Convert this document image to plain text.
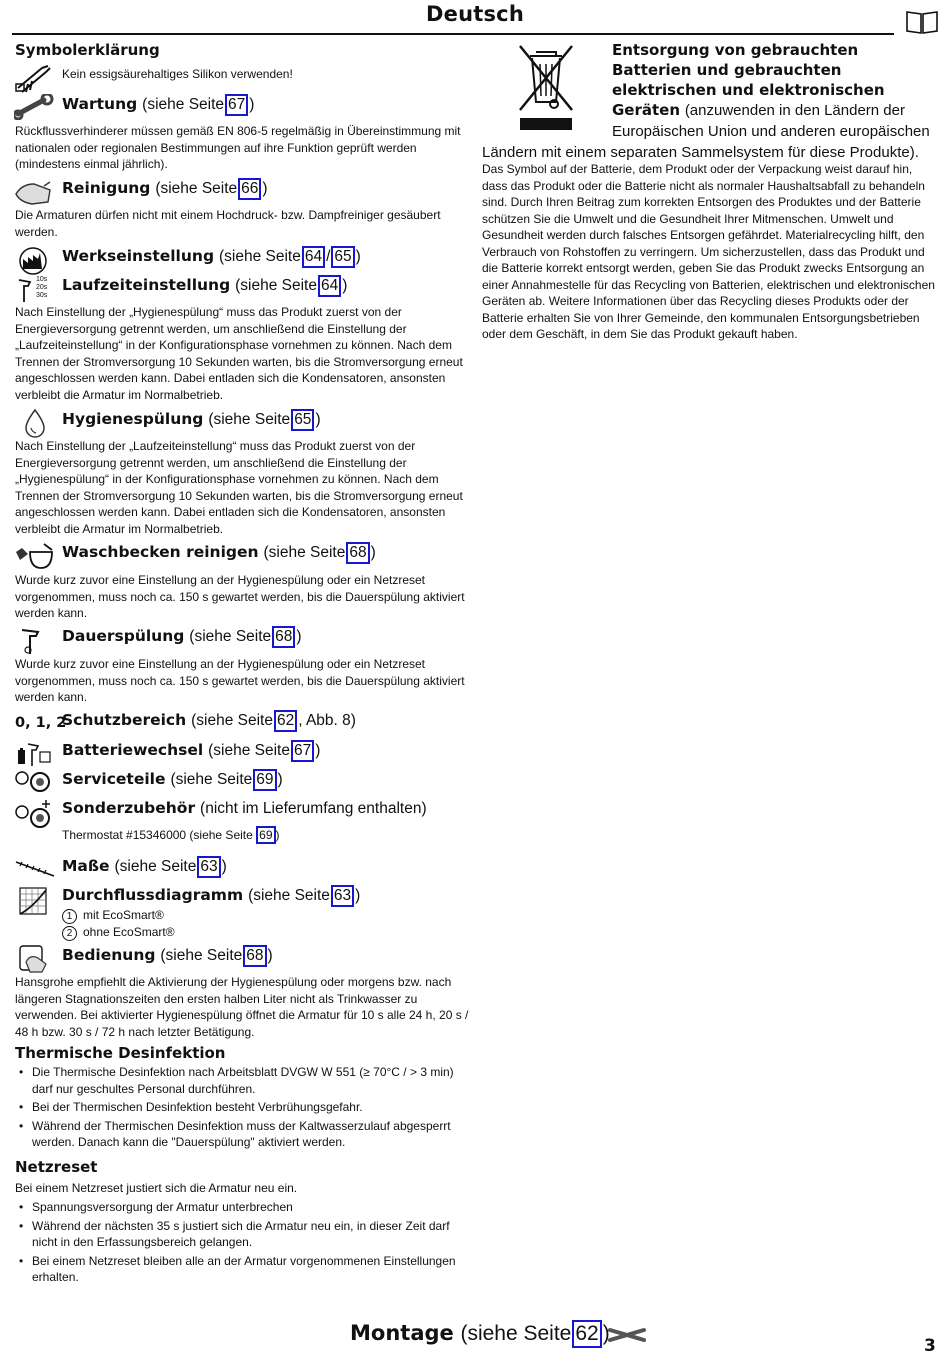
Deutsch
Symbolerklärung
Kein essigsäurehaltiges Silikon verwenden!
Wartung (siehe Seite 67 )
Rückflussverhinderer müssen gemäß EN 806-5 regelmäßig in Übereinstimmung mit nationalen oder regionalen Bestimmungen auf ihre Funktion geprüft werden (mindestens einmal jährlich).
Reinigung (siehe Seite 66 )
Die Armaturen dürfen nicht mit einem Hochdruck- bzw. Dampfreiniger gesäubert werden.
Werkseinstellung (siehe Seite 64 / 65 )
10s
20s
30s
Laufzeiteinstellung (siehe Seite 64 )
Nach Einstellung der „Hygienespülung“ muss das Produkt zuerst von der Energieversorgung getrennt werden, um anschließend die Einstellung der „Laufzeiteinstellung“ in der Konfigurationsphase vornehmen zu können. Nach dem Trennen der Stromversorgung 10 Sekunden warten, bis die Stromversorgung erneut angeschlossen werden kann. Dabei entladen sich die Kondensatoren, ansonsten verbleibt die Armatur im Normalbetrieb.
Hygienespülung (siehe Seite 65 )
Nach Einstellung der „Laufzeiteinstellung“ muss das Produkt zuerst von der Energieversorgung getrennt werden, um anschließend die Einstellung der „Hygienespülung“ in der Konfigurationsphase vornehmen zu können. Nach dem Trennen der Stromversorgung 10 Sekunden warten, bis die Stromversorgung erneut angeschlossen werden kann. Dabei entladen sich die Kondensatoren, ansonsten verbleibt die Armatur im Normalbetrieb.
Waschbecken reinigen (siehe Seite 68 )
Wurde kurz zuvor eine Einstellung an der Hygienespülung oder ein Netzreset vorgenommen, muss noch ca. 150 s gewartet werden, bis die Dauerspülung aktiviert werden kann.
Dauerspülung (siehe Seite 68 )
Wurde kurz zuvor eine Einstellung an der Hygienespülung oder ein Netzreset vorgenommen, muss noch ca. 150 s gewartet werden, bis die Dauerspülung aktiviert werden kann.
0, 1, 2
Schutzbereich (siehe Seite 62 , Abb. 8)
Batteriewechsel (siehe Seite 67 )
Serviceteile (siehe Seite 69 )
Sonderzubehör (nicht im Lieferumfang enthalten)
Thermostat #15346000 (siehe Seite 69 )
Maße (siehe Seite 63 )
Durchflussdiagramm (siehe Seite 63 )
1 mit EcoSmart®
2 ohne EcoSmart®
Bedienung (siehe Seite 68 )
Hansgrohe empfiehlt die Aktivierung der Hygienespülung oder morgens bzw. nach längeren Stagnationszeiten den ersten halben Liter nicht als Trinkwasser zu verwenden. Bei aktivierter Hygienespülung öffnet die Armatur für 10 s alle 24 h, 20 s / 48 h bzw. 30 s / 72 h nach letzter Betätigung.
Thermische Desinfektion
• Die Thermische Desinfektion nach Arbeitsblatt DVGW W 551 (≥ 70°C / > 3 min) darf nur geschultes Personal durchführen.
• Bei der Thermischen Desinfektion besteht Verbrühungsgefahr.
• Während der Thermischen Desinfektion muss der Kaltwasserzulauf abgesperrt werden. Danach kann die "Dauerspülung" aktiviert werden.
Netzreset
Bei einem Netzreset justiert sich die Armatur neu ein.
• Spannungsversorgung der Armatur unterbrechen
• Während der nächsten 35 s justiert sich die Armatur neu ein, in dieser Zeit darf nicht in den Erfassungsbereich gelangen.
• Bei einem Netzreset bleiben alle an der Armatur vorgenommenen Einstellungen erhalten.
Entsorgung von gebrauchten Batterien und gebrauchten elektrischen und elektronischen Geräten (anzuwenden in den Ländern der Europäischen Union und anderen europäischen Ländern mit einem separaten Sammelsystem für diese Produkte).
Das Symbol auf der Batterie, dem Produkt oder der Verpackung weist darauf hin, dass das Produkt oder die Batterie nicht als normaler Haushaltsabfall zu behandeln sind. Durch Ihren Beitrag zum korrekten Entsorgen des Produktes und der Batterie schützen Sie die Umwelt und die Gesundheit Ihrer Mitmenschen. Umwelt und Gesundheit werden durch falsches Entsorgen gefährdet. Materialrecycling hilft, den Verbrauch von Rohstoffen zu verringern. Um sicherzustellen, dass das Produkt und die Batterie korrekt entsorgt werden, geben Sie das Produkt zwecks Entsorgung an einer Annahmestelle für das Recycling von Batterien, elektrischen und elektronischen Geräten ab. Weitere Informationen über das Recycling dieses Produkts oder der Batterie erhalten Sie von Ihrer Gemeinde, den kommunalen Entsorgungsbetrieben oder dem Geschäft, in dem Sie das Produkt gekauft haben.
Montage (siehe Seite 62 )
3
